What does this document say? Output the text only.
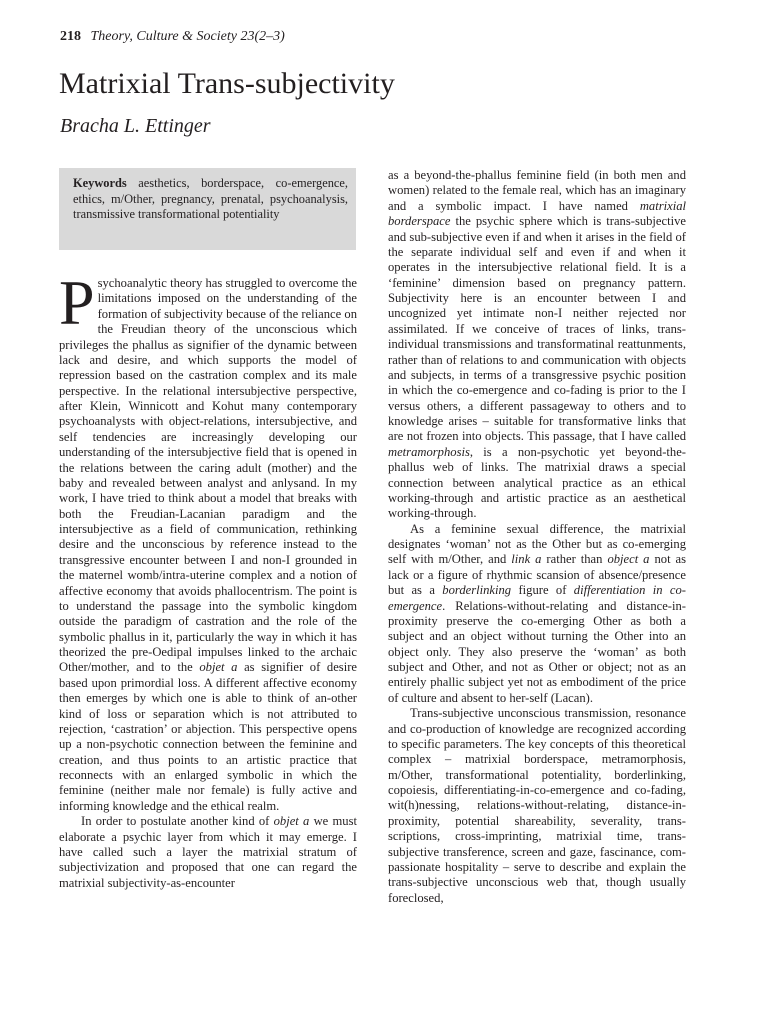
218 Theory, Culture & Society 23(2–3)
Matrixial Trans-subjectivity
Bracha L. Ettinger
Keywords aesthetics, borderspace, co-emergence, ethics, m/Other, pregnancy, prenatal, psychoanalysis, transmissive transformational potentiality

Psychoanalytic theory has struggled to overcome the limitations imposed on the understanding of the formation of subjectivity because of the reliance on the Freudian theory of the unconscious which privileges the phallus as signifier of the dynamic between lack and desire, and which supports the model of repression based on the castration complex and its male perspective. In the relational intersubjective perspective, after Klein, Winnicott and Kohut many contemporary psychoanalysts with object-relations, intersubjective, and self tendencies are increasingly developing our understanding of the intersubjective field that is opened in the relations between the caring adult (mother) and the baby and revealed between analyst and anlysand. In my work, I have tried to think about a model that breaks with both the Freudian-Lacanian paradigm and the intersubjective as a field of communication, rethinking desire and the unconscious by reference instead to the transgressive encounter between I and non-I grounded in the maternel womb/intra-uterine complex and a notion of affective economy that avoids phallocentrism. The point is to understand the passage into the symbolic kingdom outside the paradigm of castration and the role of the symbolic phallus in it, particularly the way in which it has theorized the pre-Oedipal impulses linked to the archaic Other/mother, and to the objet a as signifier of desire based upon primordial loss. A different affective economy then emerges by which one is able to think of an-other kind of loss or separation which is not attributed to rejection, ‘castration’ or abjection. This perspective opens up a non-psychotic connection between the feminine and creation, and thus points to an artistic practice that reconnects with an enlarged symbolic in which the feminine (neither male nor female) is fully active and informing knowledge and the ethical realm.

In order to postulate another kind of objet a we must elaborate a psychic layer from which it may emerge. I have called such a layer the matrixial stratum of subjectivization and proposed that one can regard the matrixial subjectivity-as-encounter

as a beyond-the-phallus feminine field (in both men and women) related to the female real, which has an imaginary and a symbolic impact. I have named matrixial borderspace the psychic sphere which is trans-subjective and sub-subjective even if and when it arises in the field of the separate individual self and even if and when it operates in the intersubjective relational field. It is a ‘feminine’ dimension based on pregnancy pattern. Subjectivity here is an encounter between I and uncognized yet intimate non-I neither rejected nor assimilated. If we conceive of traces of links, trans-individual transmissions and transformatinal reattunments, rather than of relations to and communication with objects and subjects, in terms of a transgressive psychic position in which the co-emergence and co-fading is prior to the I versus others, a different passageway to others and to knowledge arises – suitable for transformative links that are not frozen into objects. This passage, that I have called metramorphosis, is a non-psychotic yet beyond-the-phallus web of links. The matrixial draws a special connection between analytical practice as an ethical working-through and artistic practice as an aesthetical working-through.

As a feminine sexual difference, the matrixial designates ‘woman’ not as the Other but as co-emerging self with m/Other, and link a rather than object a not as lack or a figure of rhythmic scansion of absence/presence but as a borderlinking figure of differentiation in co-emergence. Relations-without-relating and distance-in-proximity preserve the co-emerging Other as both a subject and an object without turning the Other into an object only. They also preserve the ‘woman’ as both subject and Other, and not as Other or object; not as an entirely phallic subject yet not as embodiment of the price of culture and absent to her-self (Lacan).

Trans-subjective unconscious transmission, resonance and co-production of knowledge are recognized according to specific parameters. The key concepts of this theoretical complex – matrixial borderspace, metramorphosis, m/Other, transformational potentiality, borderlinking, copoiesis, differentiating-in-co-emergence and co-fading, wit(h)nessing, relations-without-relating, distance-in-proximity, potential shareability, severality, trans-scriptions, cross-imprinting, matrixial time, trans-subjective transference, screen and gaze, fascinance, com-passionate hospitality – serve to describe and explain the trans-subjective unconscious web that, though usually foreclosed,
